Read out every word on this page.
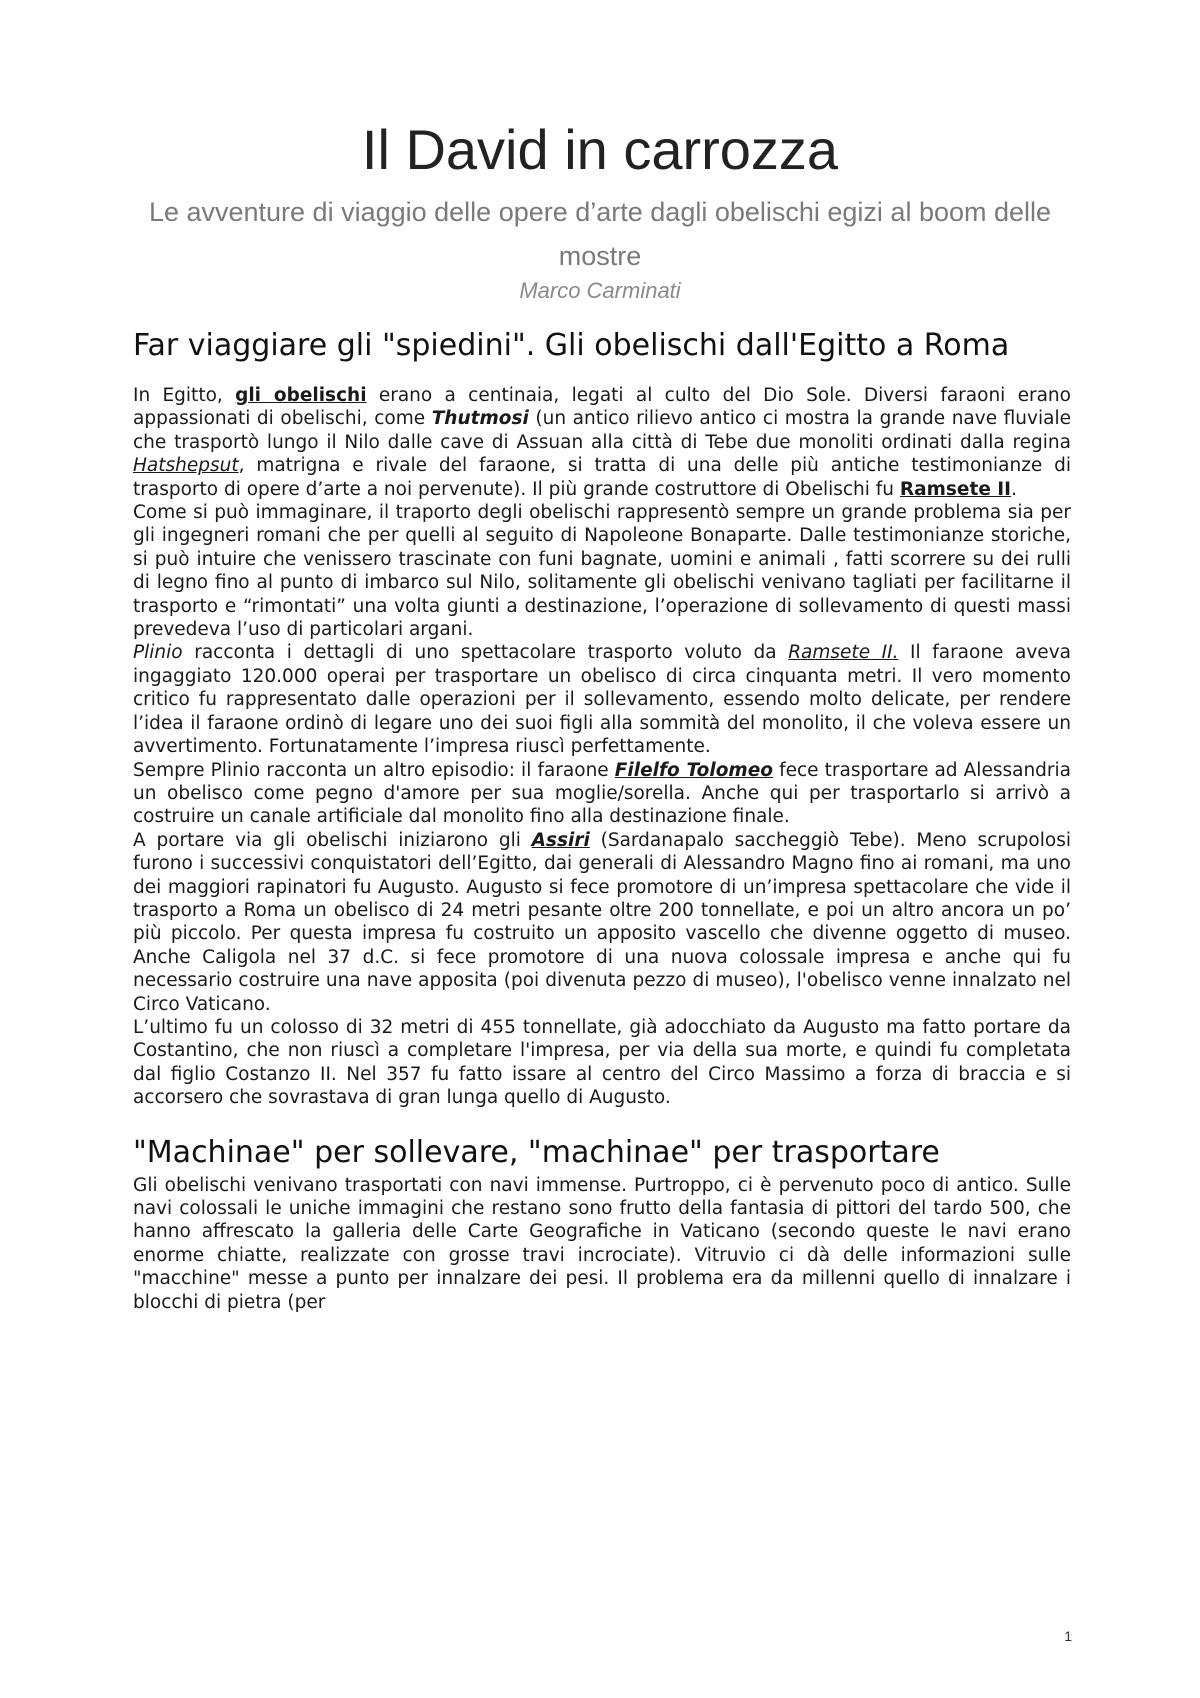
Il David in carrozza
Le avventure di viaggio delle opere d’arte dagli obelischi egizi al boom delle mostre
Marco Carminati
Far viaggiare gli "spiedini". Gli obelischi dall'Egitto a Roma

In Egitto, gli obelischi erano a centinaia, legati al culto del Dio Sole. Diversi faraoni erano appassionati di obelischi, come Thutmosi (un antico rilievo antico ci mostra la grande nave fluviale che trasportò lungo il Nilo dalle cave di Assuan alla città di Tebe due monoliti ordinati dalla regina Hatshepsut, matrigna e rivale del faraone, si tratta di una delle più antiche testimonianze di trasporto di opere d’arte a noi pervenute). Il più grande costruttore di Obelischi fu Ramsete II.

Come si può immaginare, il traporto degli obelischi rappresentò sempre un grande problema sia per gli ingegneri romani che per quelli al seguito di Napoleone Bonaparte. Dalle testimonianze storiche, si può intuire che venissero trascinate con funi bagnate, uomini e animali , fatti scorrere su dei rulli di legno fino al punto di imbarco sul Nilo, solitamente gli obelischi venivano tagliati per facilitarne il trasporto e “rimontati” una volta giunti a destinazione, l’operazione di sollevamento di questi massi prevedeva l’uso di particolari argani.

Plinio racconta i dettagli di uno spettacolare trasporto voluto da Ramsete II. Il faraone aveva ingaggiato 120.000 operai per trasportare un obelisco di circa cinquanta metri. Il vero momento critico fu rappresentato dalle operazioni per il sollevamento, essendo molto delicate, per rendere l’idea il faraone ordinò di legare uno dei suoi figli alla sommità del monolito, il che voleva essere un avvertimento. Fortunatamente l’impresa riuscì perfettamente.

Sempre Plinio racconta un altro episodio: il faraone Filelfo Tolomeo fece trasportare ad Alessandria un obelisco come pegno d'amore per sua moglie/sorella. Anche qui per trasportarlo si arrivò a costruire un canale artificiale dal monolito fino alla destinazione finale.

A portare via gli obelischi iniziarono gli Assiri (Sardanapalo saccheggiò Tebe). Meno scrupolosi furono i successivi conquistatori dell’Egitto, dai generali di Alessandro Magno fino ai romani, ma uno dei maggiori rapinatori fu Augusto. Augusto si fece promotore di un’impresa spettacolare che vide il trasporto a Roma un obelisco di 24 metri pesante oltre 200 tonnellate, e poi un altro ancora un po’ più piccolo. Per questa impresa fu costruito un apposito vascello che divenne oggetto di museo. Anche Caligola nel 37 d.C. si fece promotore di una nuova colossale impresa e anche qui fu necessario costruire una nave apposita (poi divenuta pezzo di museo), l'obelisco venne innalzato nel Circo Vaticano.

L’ultimo fu un colosso di 32 metri di 455 tonnellate, già adocchiato da Augusto ma fatto portare da Costantino, che non riuscì a completare l'impresa, per via della sua morte, e quindi fu completata dal figlio Costanzo II. Nel 357 fu fatto issare al centro del Circo Massimo a forza di braccia e si accorsero che sovrastava di gran lunga quello di Augusto.

"Machinae" per sollevare, "machinae" per trasportare

Gli obelischi venivano trasportati con navi immense. Purtroppo, ci è pervenuto poco di antico. Sulle navi colossali le uniche immagini che restano sono frutto della fantasia di pittori del tardo 500, che hanno affrescato la galleria delle Carte Geografiche in Vaticano (secondo queste le navi erano enorme chiatte, realizzate con grosse travi incrociate). Vitruvio ci dà delle informazioni sulle "macchine" messe a punto per innalzare dei pesi. Il problema era da millenni quello di innalzare i blocchi di pietra (per

1
